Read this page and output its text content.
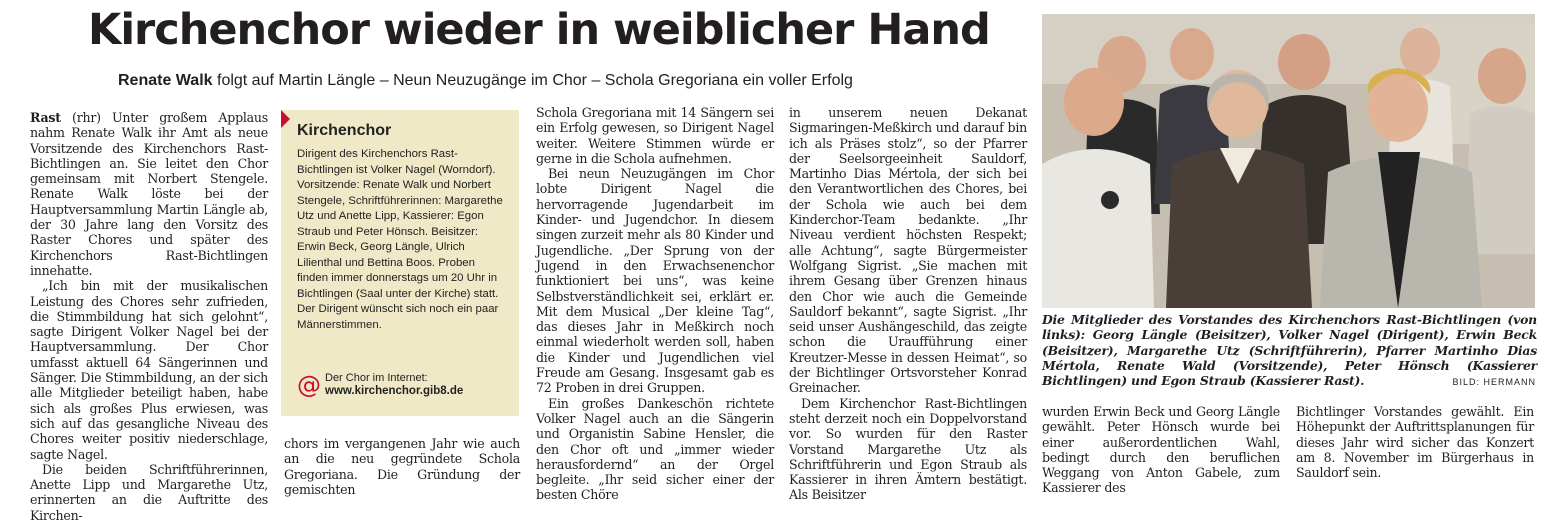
Kirchenchor wieder in weiblicher Hand
Renate Walk folgt auf Martin Längle – Neun Neuzugänge im Chor – Schola Gregoriana ein voller Erfolg

Rast (rhr) Unter großem Applaus nahm Renate Walk ihr Amt als neue Vorsitzende des Kirchenchors Rast-Bichtlingen an. Sie leitet den Chor gemeinsam mit Norbert Stengele. Renate Walk löste bei der Hauptversammlung Martin Längle ab, der 30 Jahre lang den Vorsitz des Raster Chores und später des Kirchenchors Rast-Bichtlingen innehatte.

„Ich bin mit der musikalischen Leistung des Chores sehr zufrieden, die Stimmbildung hat sich gelohnt“, sagte Dirigent Volker Nagel bei der Hauptversammlung. Der Chor umfasst aktuell 64 Sängerinnen und Sänger. Die Stimmbildung, an der sich alle Mitglieder beteiligt haben, habe sich als großes Plus erwiesen, was sich auf das gesangliche Niveau des Chores weiter positiv niederschlage, sagte Nagel.

Die beiden Schriftführerinnen, Anette Lipp und Margarethe Utz, erinnerten an die Auftritte des Kirchen-

Kirchenchor
Dirigent des Kirchenchors Rast-Bichtlingen ist Volker Nagel (Worndorf). Vorsitzende: Renate Walk und Norbert Stengele, Schriftführerinnen: Margarethe Utz und Anette Lipp, Kassierer: Egon Straub und Peter Hönsch. Beisitzer: Erwin Beck, Georg Längle, Ulrich Lilienthal und Bettina Boos. Proben finden immer donnerstags um 20 Uhr in Bichtlingen (Saal unter der Kirche) statt. Der Dirigent wünscht sich noch ein paar Männerstimmen.
@ Der Chor im Internet:
www.kirchenchor.gib8.de

chors im vergangenen Jahr wie auch an die neu gegründete Schola Gregoriana. Die Gründung der gemischten

Schola Gregoriana mit 14 Sängern sei ein Erfolg gewesen, so Dirigent Nagel weiter. Weitere Stimmen würde er gerne in die Schola aufnehmen.

Bei neun Neuzugängen im Chor lobte Dirigent Nagel die hervorragende Jugendarbeit im Kinder- und Jugendchor. In diesem singen zurzeit mehr als 80 Kinder und Jugendliche. „Der Sprung von der Jugend in den Erwachsenenchor funktioniert bei uns“, was keine Selbstverständlichkeit sei, erklärt er. Mit dem Musical „Der kleine Tag“, das dieses Jahr in Meßkirch noch einmal wiederholt werden soll, haben die Kinder und Jugendlichen viel Freude am Gesang. Insgesamt gab es 72 Proben in drei Gruppen.

Ein großes Dankeschön richtete Volker Nagel auch an die Sängerin und Organistin Sabine Hensler, die den Chor oft und „immer wieder herausfordernd“ an der Orgel begleite. „Ihr seid sicher einer der besten Chöre

in unserem neuen Dekanat Sigmaringen-Meßkirch und darauf bin ich als Präses stolz“, so der Pfarrer der Seelsorgeeinheit Sauldorf, Martinho Dias Mértola, der sich bei den Verantwortlichen des Chores, bei der Schola wie auch bei dem Kinderchor-Team bedankte. „Ihr Niveau verdient höchsten Respekt; alle Achtung“, sagte Bürgermeister Wolfgang Sigrist. „Sie machen mit ihrem Gesang über Grenzen hinaus den Chor wie auch die Gemeinde Sauldorf bekannt“, sagte Sigrist. „Ihr seid unser Aushängeschild, das zeigte schon die Uraufführung einer Kreutzer-Messe in dessen Heimat“, so der Bichtlinger Ortsvorsteher Konrad Greinacher.

Dem Kirchenchor Rast-Bichtlingen steht derzeit noch ein Doppelvorstand vor. So wurden für den Raster Vorstand Margarethe Utz als Schriftführerin und Egon Straub als Kassierer in ihren Ämtern bestätigt. Als Beisitzer

Die Mitglieder des Vorstandes des Kirchenchors Rast-Bichtlingen (von links): Georg Längle (Beisitzer), Volker Nagel (Dirigent), Erwin Beck (Beisitzer), Margarethe Utz (Schriftführerin), Pfarrer Martinho Dias Mértola, Renate Wald (Vorsitzende), Peter Hönsch (Kassierer Bichtlingen) und Egon Straub (Kassierer Rast).	BILD: HERMANN

wurden Erwin Beck und Georg Längle gewählt. Peter Hönsch wurde bei einer außerordentlichen Wahl, bedingt durch den beruflichen Weggang von Anton Gabele, zum Kassierer des

Bichtlinger Vorstandes gewählt. Ein Höhepunkt der Auftrittsplanungen für dieses Jahr wird sicher das Konzert am 8. November im Bürgerhaus in Sauldorf sein.
